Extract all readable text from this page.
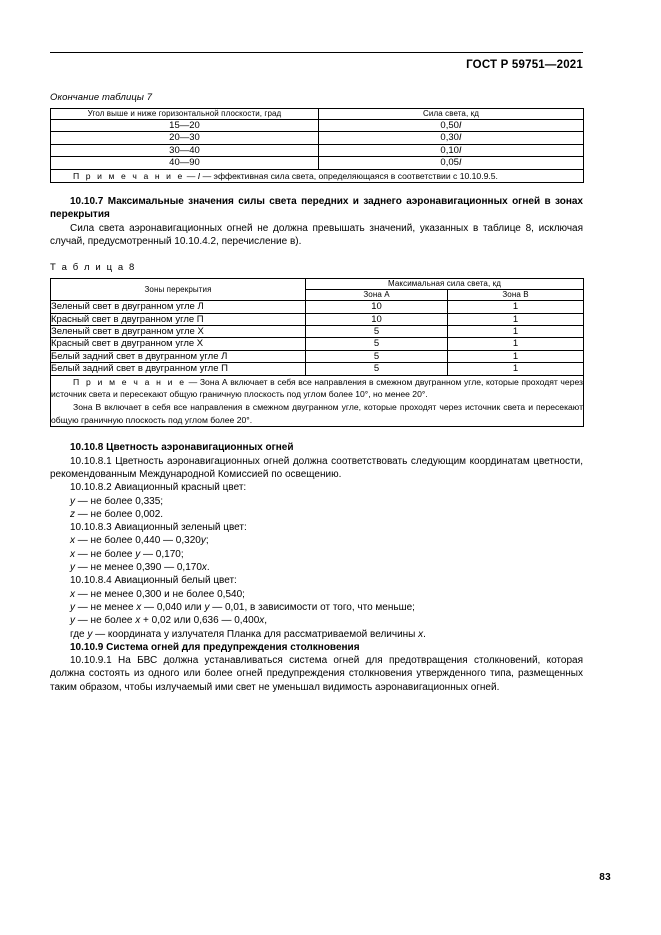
ГОСТ Р 59751—2021
Окончание таблицы 7
Угол выше и ниже горизонтальной плоскости, град	Сила света, кд
15—20	0,50I
20—30	0,30I
30—40	0,10I
40—90	0,05I

П р и м е ч а н и е — I — эффективная сила света, определяющаяся в соответствии с 10.10.9.5.	
10.10.7 Максимальные значения силы света передних и заднего аэронавигационных огней в зонах перекрытия

Сила света аэронавигационных огней не должна превышать значений, указанных в таблице 8, исключая случай, предусмотренный 10.10.4.2, перечисление в).

Т а б л и ц а 8
Зоны перекрытия	Максимальная сила света, кд	
	Зона А	Зона В
Зеленый свет в двугранном угле Л	10	1
Красный свет в двугранном угле П	10	1
Зеленый свет в двугранном угле Х	5	1
Красный свет в двугранном угле Х	5	1
Белый задний свет в двугранном угле Л	5	1
Белый задний свет в двугранном угле П	5	1

П р и м е ч а н и е — Зона А включает в себя все направления в смежном двугранном угле, которые проходят через источник света и пересекают общую граничную плоскость под углом более 10°, но менее 20°.
Зона В включает в себя все направления в смежном двугранном угле, которые проходят через источник света и пересекают общую граничную плоскость под углом более 20°.		
10.10.8 Цветность аэронавигационных огней

10.10.8.1 Цветность аэронавигационных огней должна соответствовать следующим координатам цветности, рекомендованным Международной Комиссией по освещению.

10.10.8.2 Авиационный красный цвет:

y — не более 0,335;

z — не более 0,002.

10.10.8.3 Авиационный зеленый цвет:

x — не более 0,440 — 0,320y;

x — не более y — 0,170;

y — не менее 0,390 — 0,170x.

10.10.8.4 Авиационный белый цвет:

x — не менее 0,300 и не более 0,540;

y — не менее x — 0,040 или y — 0,01, в зависимости от того, что меньше;

y — не более x + 0,02 или 0,636 — 0,400x,

где y — координата у излучателя Планка для рассматриваемой величины x.

10.10.9 Система огней для предупреждения столкновения

10.10.9.1 На БВС должна устанавливаться система огней для предотвращения столкновений, которая должна состоять из одного или более огней предупреждения столкновения утвержденного типа, размещенных таким образом, чтобы излучаемый ими свет не уменьшал видимость аэронавигационных огней.

83
